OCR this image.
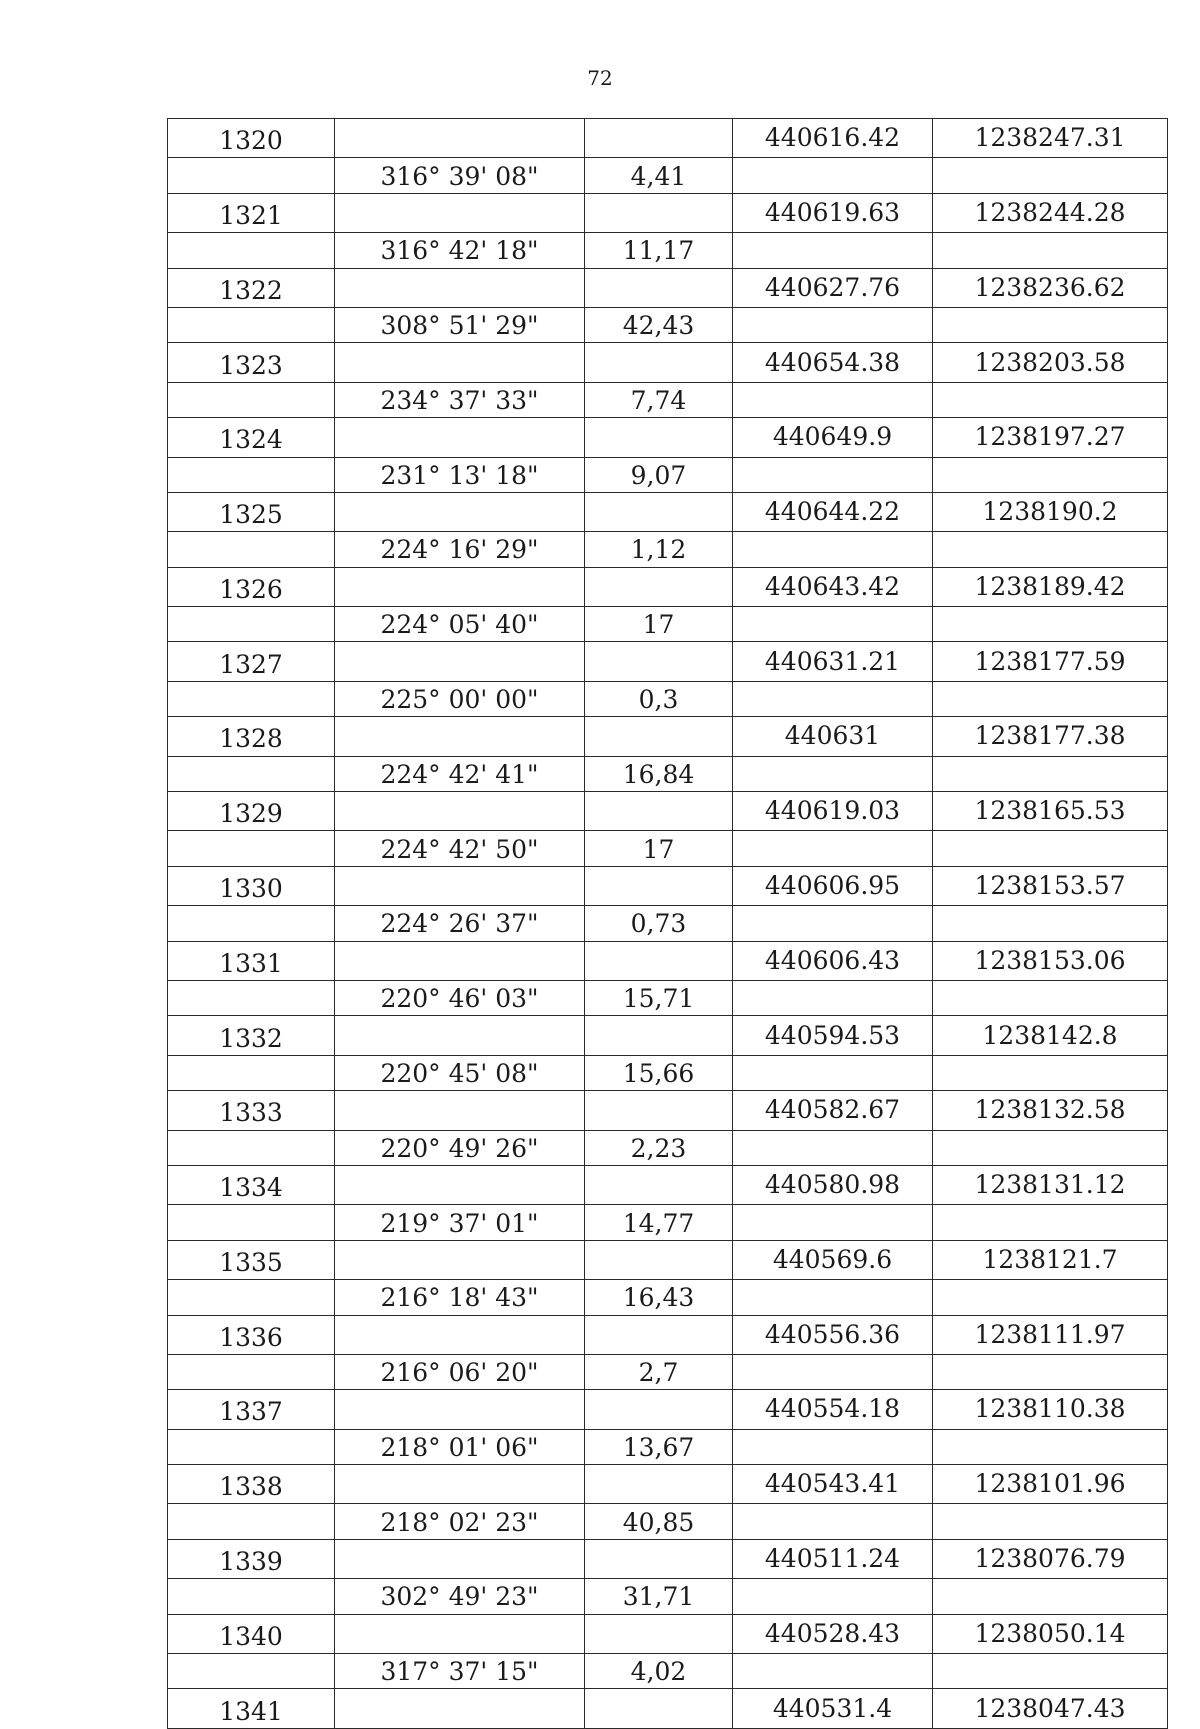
72
1320			440616.42	1238247.31
	316° 39' 08"	4,41		
1321			440619.63	1238244.28
	316° 42' 18"	11,17		
1322			440627.76	1238236.62
	308° 51' 29"	42,43		
1323			440654.38	1238203.58
	234° 37' 33"	7,74		
1324			440649.9	1238197.27
	231° 13' 18"	9,07		
1325			440644.22	1238190.2
	224° 16' 29"	1,12		
1326			440643.42	1238189.42
	224° 05' 40"	17		
1327			440631.21	1238177.59
	225° 00' 00"	0,3		
1328			440631	1238177.38
	224° 42' 41"	16,84		
1329			440619.03	1238165.53
	224° 42' 50"	17		
1330			440606.95	1238153.57
	224° 26' 37"	0,73		
1331			440606.43	1238153.06
	220° 46' 03"	15,71		
1332			440594.53	1238142.8
	220° 45' 08"	15,66		
1333			440582.67	1238132.58
	220° 49' 26"	2,23		
1334			440580.98	1238131.12
	219° 37' 01"	14,77		
1335			440569.6	1238121.7
	216° 18' 43"	16,43		
1336			440556.36	1238111.97
	216° 06' 20"	2,7		
1337			440554.18	1238110.38
	218° 01' 06"	13,67		
1338			440543.41	1238101.96
	218° 02' 23"	40,85		
1339			440511.24	1238076.79
	302° 49' 23"	31,71		
1340			440528.43	1238050.14
	317° 37' 15"	4,02		
1341			440531.4	1238047.43
